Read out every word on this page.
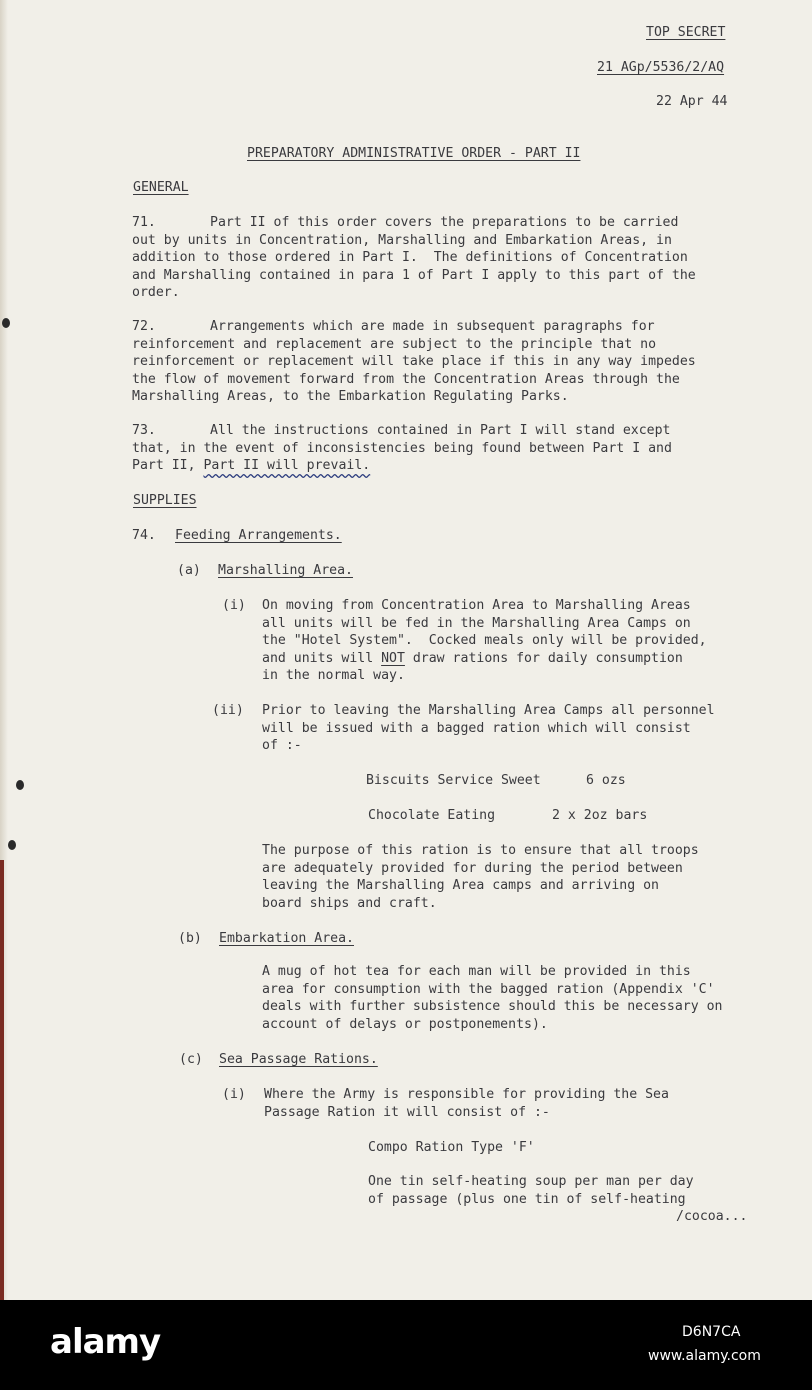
TOP SECRET

21 AGp/5536/2/AQ

22 Apr 44

PREPARATORY ADMINISTRATIVE ORDER - PART II

GENERAL

71.	Part II of this order covers the preparations to be carried
out by units in Concentration, Marshalling and Embarkation Areas, in
addition to those ordered in Part I.  The definitions of Concentration
and Marshalling contained in para 1 of Part I apply to this part of the
order.

72.	Arrangements which are made in subsequent paragraphs for
reinforcement and replacement are subject to the principle that no
reinforcement or replacement will take place if this in any way impedes
the flow of movement forward from the Concentration Areas through the
Marshalling Areas, to the Embarkation Regulating Parks.

73.	All the instructions contained in Part I will stand except
that, in the event of inconsistencies being found between Part I and
Part II, Part II will prevail.

SUPPLIES

74. Feeding Arrangements.

(a) Marshalling Area.

(i) On moving from Concentration Area to Marshalling Areas
all units will be fed in the Marshalling Area Camps on
the "Hotel System".  Cocked meals only will be provided,
and units will NOT draw rations for daily consumption
in the normal way.

(ii) Prior to leaving the Marshalling Area Camps all personnel
will be issued with a bagged ration which will consist
of :-

Biscuits Service Sweet	6 ozs

Chocolate Eating	2 x 2oz bars

The purpose of this ration is to ensure that all troops
are adequately provided for during the period between
leaving the Marshalling Area camps and arriving on
board ships and craft.

(b) Embarkation Area.

A mug of hot tea for each man will be provided in this
area for consumption with the bagged ration (Appendix 'C'
deals with further subsistence should this be necessary on
account of delays or postponements).

(c) Sea Passage Rations.

(i) Where the Army is responsible for providing the Sea
Passage Ration it will consist of :-

Compo Ration Type 'F'

One tin self-heating soup per man per day
of passage (plus one tin of self-heating

/cocoa...

alamy	D6N7CA
www.alamy.com
